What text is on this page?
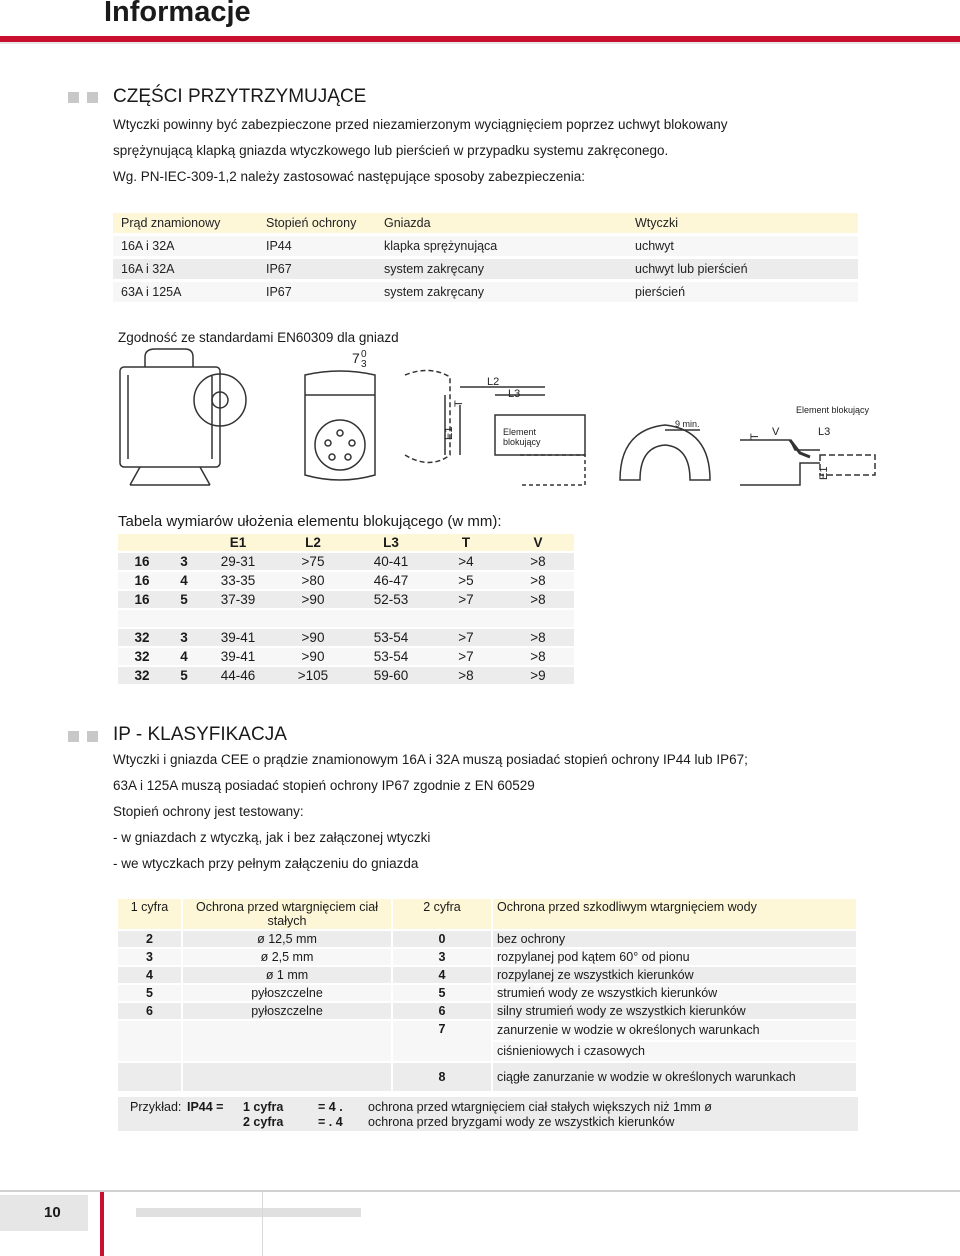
Informacje

CZĘŚCI PRZYTRZYMUJĄCE
Wtyczki powinny być zabezpieczone przed niezamierzonym wyciągnięciem poprzez uchwyt blokowany
sprężynującą klapką gniazda wtyczkowego lub pierścień w przypadku systemu zakręconego.
Wg. PN-IEC-309-1,2 należy zastosować następujące sposoby zabezpieczenia:
Prąd znamionowy	Stopień ochrony	Gniazda	Wtyczki
16A i 32A	IP44	klapka sprężynująca	uchwyt
16A i 32A	IP67	system zakręcany	uchwyt lub pierścień
63A i 125A	IP67	system zakręcany	pierścień
Zgodność ze standardami EN60309 dla gniazd
7 0
3
L2
L3
T
E1	Element
blokujący
9 min.
Element blokujący
V	L3
T
E1
Tabela wymiarów ułożenia elementu blokującego (w mm):
		E1	L2	L3	T	V
16	3	29-31	>75	40-41	>4	>8
16	4	33-35	>80	46-47	>5	>8
16	5	37-39	>90	52-53	>7	>8

32	3	39-41	>90	53-54	>7	>8
32	4	39-41	>90	53-54	>7	>8
32	5	44-46	>105	59-60	>8	>9

IP - KLASYFIKACJA
Wtyczki i gniazda CEE o prądzie znamionowym 16A i 32A muszą posiadać stopień ochrony IP44 lub IP67;
63A i 125A muszą posiadać stopień ochrony IP67 zgodnie z EN 60529
Stopień ochrony jest testowany:
- w gniazdach z wtyczką, jak i bez załączonej wtyczki
- we wtyczkach przy pełnym załączeniu do gniazda
1 cyfra	Ochrona przed wtargnięciem ciał stałych	2 cyfra	Ochrona przed szkodliwym wtargnięciem wody
2	ø 12,5 mm	0	bez ochrony
3	ø 2,5 mm	3	rozpylanej pod kątem 60° od pionu
4	ø 1 mm	4	rozpylanej ze wszystkich kierunków
5	pyłoszczelne	5	strumień wody ze wszystkich kierunków
6	pyłoszczelne	6	silny strumień wody ze wszystkich kierunków
		7	zanurzenie w wodzie w określonych warunkach
			ciśnieniowych i czasowych
		8	ciągłe zanurzanie w wodzie w określonych warunkach
Przykład: IP44 = 1 cyfra	= 4 . ochrona przed wtargnięciem ciał stałych większych niż 1mm ø
2 cyfra	= . 4 ochrona przed bryzgami wody ze wszystkich kierunków
10
